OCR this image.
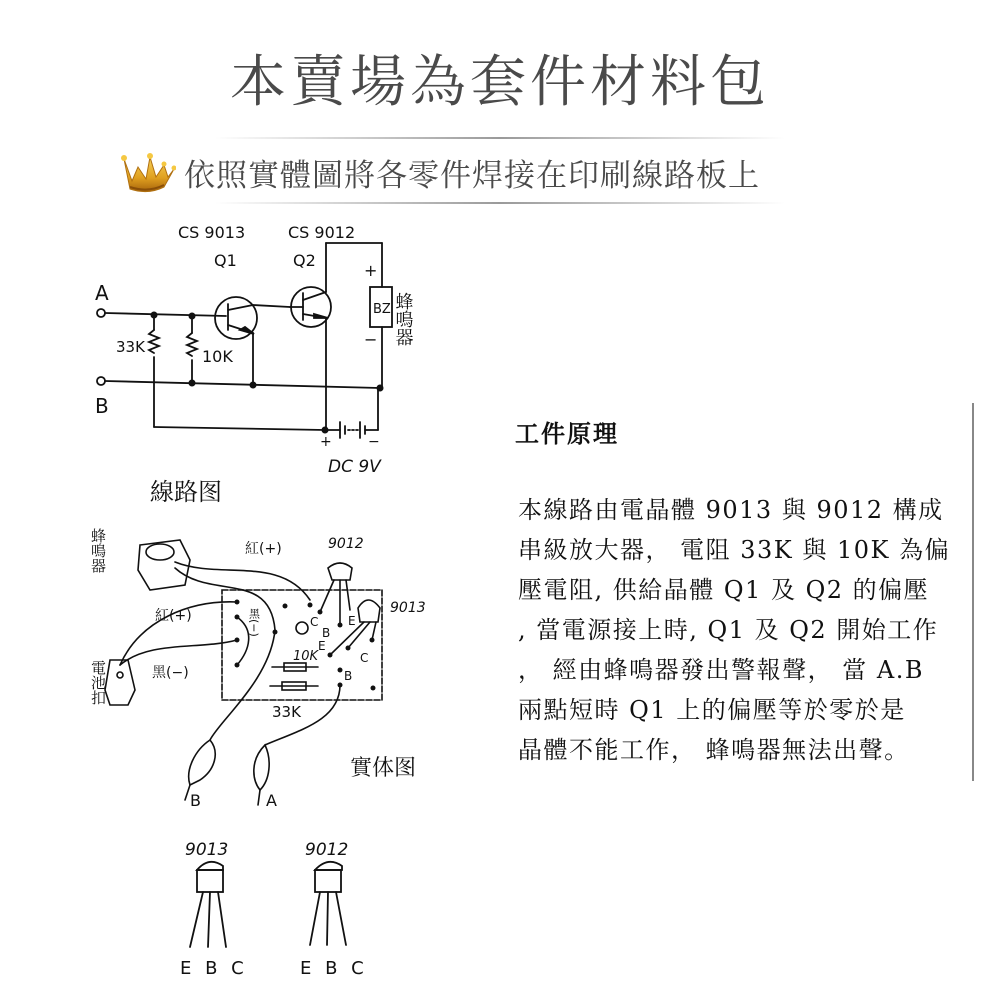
本賣場為套件材料包
依照實體圖將各零件焊接在印刷線路板上
CS 9013	CS 9012
Q1	Q2
A
B
33K	10K
BZ
+
− 蜂鳴器
+	−
DC 9V
線路图
蜂鳴器
電池扣
紅(+)
紅(+)
黑(−)
黑(−)
9012
9013
10K
33K
C
B
E
E
C
B
B	A
實体图
9013	9012
E B C	E B C
工件原理
本線路由電晶體 9013 與 9012 構成
串級放大器， 電阻 33K 與 10K 為偏
壓電阻, 供給晶體 Q1 及 Q2 的偏壓
, 當電源接上時, Q1 及 Q2 開始工作
， 經由蜂鳴器發出警報聲， 當 A.B
兩點短時 Q1 上的偏壓等於零於是
晶體不能工作， 蜂鳴器無法出聲。
